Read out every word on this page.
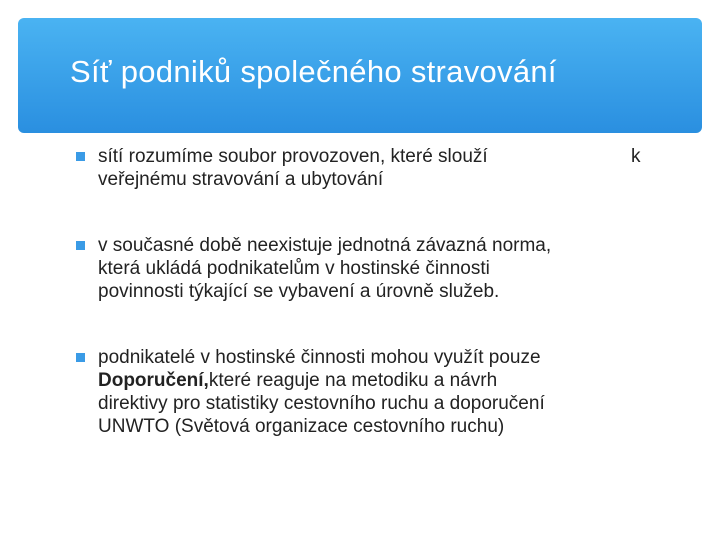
Síť podniků společného stravování
sítí rozumíme soubor provozoven, které slouží	k
veřejnému stravování a ubytování
v současné době neexistuje jednotná závazná norma,
která ukládá podnikatelům v hostinské činnosti
povinnosti týkající se vybavení a úrovně služeb.
podnikatelé v hostinské činnosti mohou využít pouze
Doporučení,které reaguje na metodiku a návrh
direktivy pro statistiky cestovního ruchu a doporučení
UNWTO (Světová organizace cestovního ruchu)
